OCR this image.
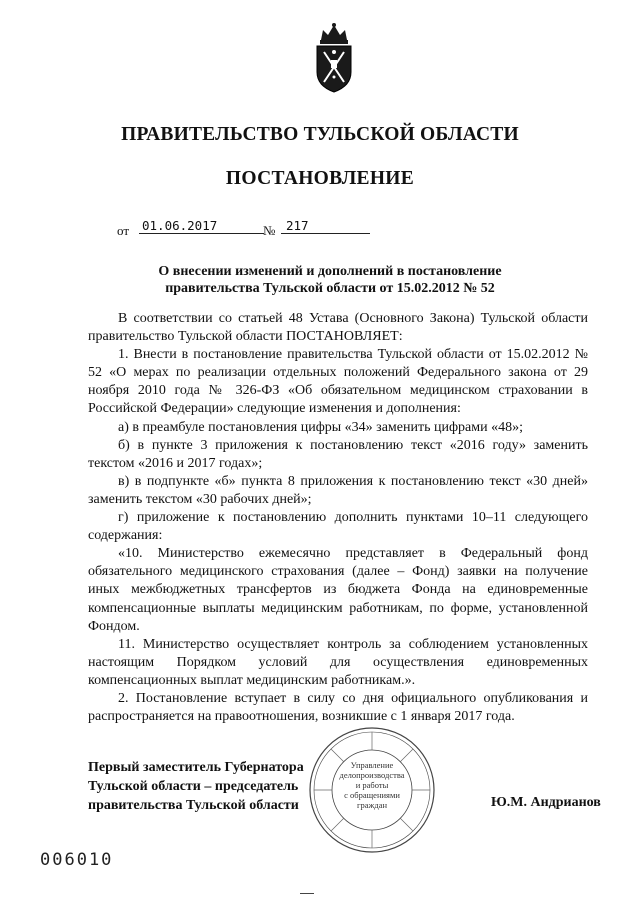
ПРАВИТЕЛЬСТВО ТУЛЬСКОЙ ОБЛАСТИ
ПОСТАНОВЛЕНИЕ
от 01.06.2017	№ 217
О внесении изменений и дополнений в постановление
правительства Тульской области от 15.02.2012 № 52

В соответствии со статьей 48 Устава (Основного Закона) Тульской области правительство Тульской области ПОСТАНОВЛЯЕТ:

1. Внести в постановление правительства Тульской области от 15.02.2012 № 52 «О мерах по реализации отдельных положений Федерального закона от 29 ноября 2010 года № 326-ФЗ «Об обязательном медицинском страховании в Российской Федерации» следующие изменения и дополнения:

а) в преамбуле постановления цифры «34» заменить цифрами «48»;

б) в пункте 3 приложения к постановлению текст «2016 году» заменить текстом «2016 и 2017 годах»;

в) в подпункте «б» пункта 8 приложения к постановлению текст «30 дней» заменить текстом «30 рабочих дней»;

г) приложение к постановлению дополнить пунктами 10–11 следующего содержания:

«10. Министерство ежемесячно представляет в Федеральный фонд обязательного медицинского страхования (далее – Фонд) заявки на получение иных межбюджетных трансфертов из бюджета Фонда на единовременные компенсационные выплаты медицинским работникам, по форме, установленной Фондом.

11. Министерство осуществляет контроль за соблюдением установленных настоящим Порядком условий для осуществления единовременных компенсационных выплат медицинским работникам.».

2. Постановление вступает в силу со дня официального опубликования и распространяется на правоотношения, возникшие с 1 января 2017 года.

Управление
делопроизводства
и работы
с обращениями
граждан
Первый заместитель Губернатора
Тульской области – председатель
правительства Тульской области	Ю.М. Андрианов
006010
